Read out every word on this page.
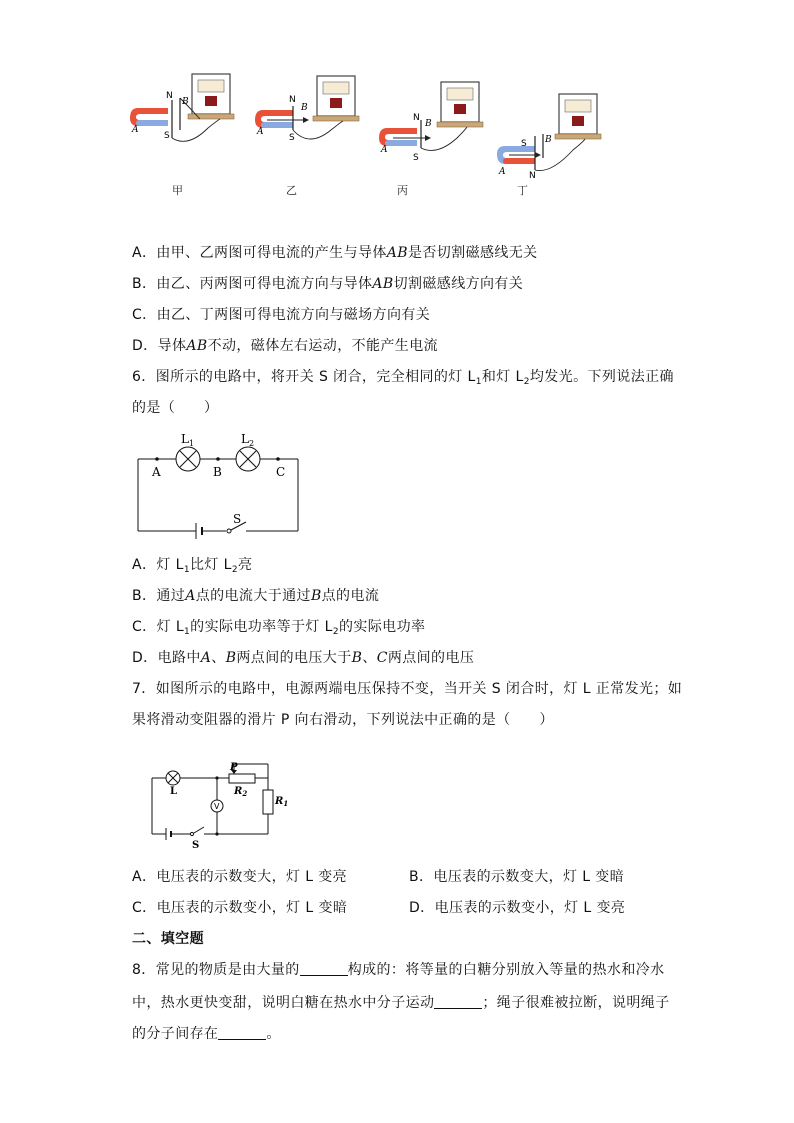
N
S
A
B
甲
N
S
A
B
乙
N
S
A
B
丙
S
N
A
B
丁
A．由甲、乙两图可得电流的产生与导体AB是否切割磁感线无关
B．由乙、丙两图可得电流方向与导体AB切割磁感线方向有关
C．由乙、丁两图可得电流方向与磁场方向有关
D．导体AB不动，磁体左右运动，不能产生电流
6．图所示的电路中，将开关 S 闭合，完全相同的灯 $L_1$和灯 $L_2$均发光。下列说法正确
的是（　　）
$L_1$	$L_2$
A	B	C
S
A．灯 $L_1$比灯 $L_2$亮
B．通过A点的电流大于通过B点的电流
C．灯 $L_1$的实际电功率等于灯 $L_2$的实际电功率
D．电路中A、B两点间的电压大于B、C两点间的电压
7．如图所示的电路中，电源两端电压保持不变，当开关 S 闭合时，灯 L 正常发光；如
果将滑动变阻器的滑片 P 向右滑动，下列说法中正确的是（　　）
V
P
$R_2$
$R_1$
L
S
A．电压表的示数变大，灯 L 变亮	B．电压表的示数变大，灯 L 变暗
C．电压表的示数变小，灯 L 变暗	D．电压表的示数变小，灯 L 变亮
二、填空题
8．常见的物质是由大量的	构成的：将等量的白糖分别放入等量的热水和冷水
中，热水更快变甜，说明白糖在热水中分子运动	；绳子很难被拉断，说明绳子
的分子间存在	。
